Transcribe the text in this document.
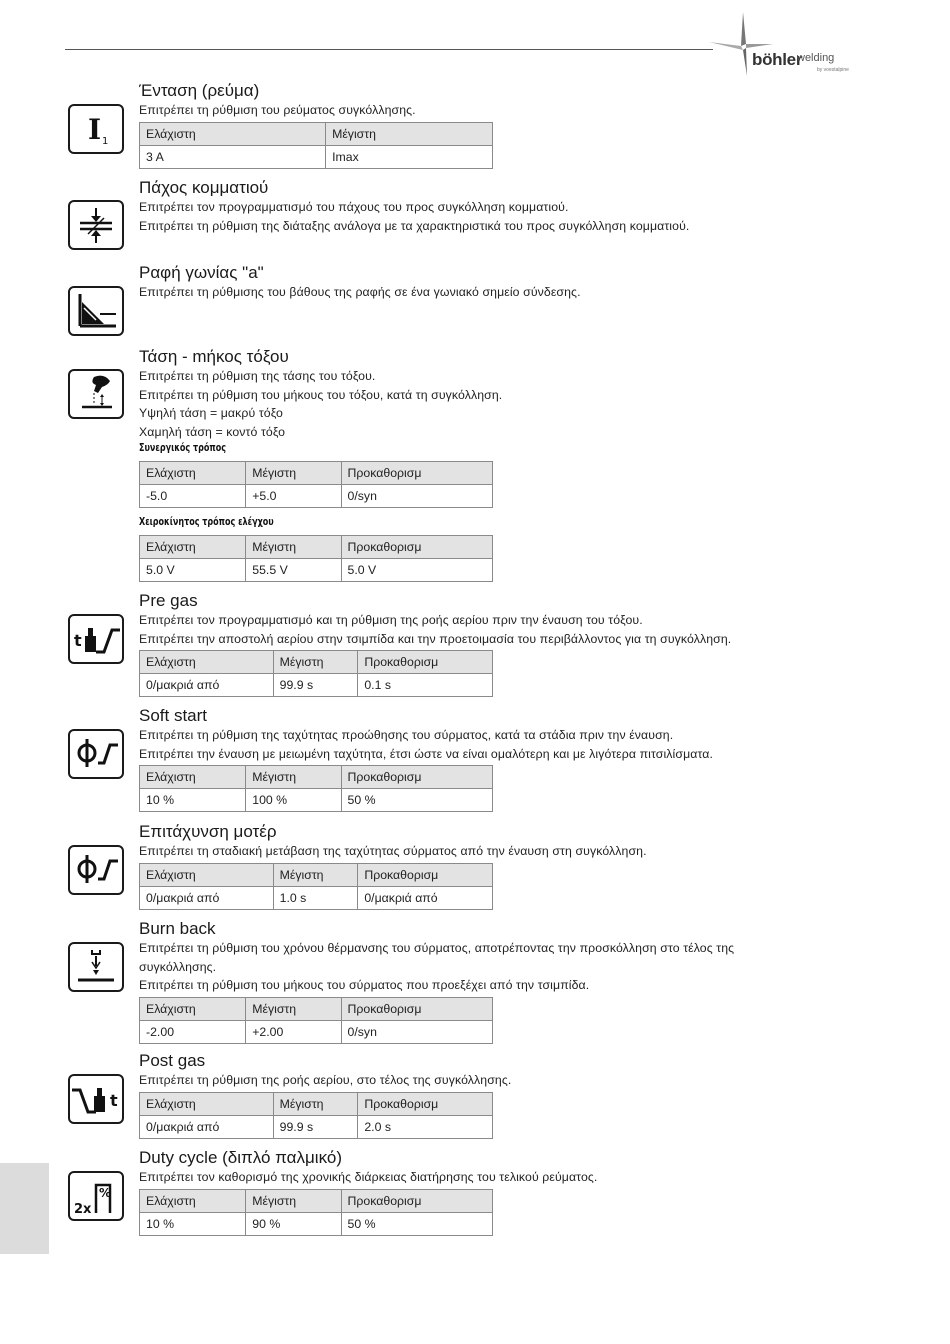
böhler
welding
by voestalpine
I 1
Ένταση (ρεύμα)
Επιτρέπει τη ρύθμιση του ρεύματος συγκόλλησης.
Ελάχιστη	Μέγιστη
3 A	Imax
Πάχος κομματιού
Επιτρέπει τον προγραμματισμό του πάχους του προς συγκόλληση κομματιού.
Επιτρέπει τη ρύθμιση της διάταξης ανάλογα με τα χαρακτηριστικά του προς συγκόλληση κομματιού.
Ραφή γωνίας "a"
Επιτρέπει τη ρύθμισης του βάθους της ραφής σε ένα γωνιακό σημείο σύνδεσης.
Τάση - mήκος τόξου
Επιτρέπει τη ρύθμιση της τάσης του τόξου.
Επιτρέπει τη ρύθμιση του μήκους του τόξου, κατά τη συγκόλληση.
Υψηλή τάση = μακρύ τόξο
Χαμηλή τάση = κοντό τόξο
Συνεργικός τρόπος
Ελάχιστη	Μέγιστη	Προκαθορισμ
-5.0	+5.0	0/syn
Χειροκίνητος τρόπος ελέγχου
Ελάχιστη	Μέγιστη	Προκαθορισμ
5.0 V	55.5 V	5.0 V
t
Pre gas
Επιτρέπει τον προγραμματισμό και τη ρύθμιση της ροής αερίου πριν την έναυση του τόξου.
Επιτρέπει την αποστολή αερίου στην τσιμπίδα και την προετοιμασία του περιβάλλοντος για τη συγκόλληση.
Ελάχιστη	Μέγιστη	Προκαθορισμ
0/μακριά από	99.9 s	0.1 s
Soft start
Επιτρέπει τη ρύθμιση της ταχύτητας προώθησης του σύρματος, κατά τα στάδια πριν την έναυση.
Επιτρέπει την έναυση με μειωμένη ταχύτητα, έτσι ώστε να είναι ομαλότερη και με λιγότερα πιτσιλίσματα.
Ελάχιστη	Μέγιστη	Προκαθορισμ
10 %	100 %	50 %
Επιτάχυνση μοτέρ
Επιτρέπει τη σταδιακή μετάβαση της ταχύτητας σύρματος από την έναυση στη συγκόλληση.
Ελάχιστη	Μέγιστη	Προκαθορισμ
0/μακριά από	1.0 s	0/μακριά από
Burn back
Επιτρέπει τη ρύθμιση του χρόνου θέρμανσης του σύρματος, αποτρέποντας την προσκόλληση στο τέλος της
συγκόλλησης.
Επιτρέπει τη ρύθμιση του μήκους του σύρματος που προεξέχει από την τσιμπίδα.
Ελάχιστη	Μέγιστη	Προκαθορισμ
-2.00	+2.00	0/syn
t
Post gas
Επιτρέπει τη ρύθμιση της ροής αερίου, στο τέλος της συγκόλλησης.
Ελάχιστη	Μέγιστη	Προκαθορισμ
0/μακριά από	99.9 s	2.0 s
2x
%
Duty cycle (διπλό παλμικό)
Επιτρέπει τον καθορισμό της χρονικής διάρκειας διατήρησης του τελικού ρεύματος.
Ελάχιστη	Μέγιστη	Προκαθορισμ
10 %	90 %	50 %
